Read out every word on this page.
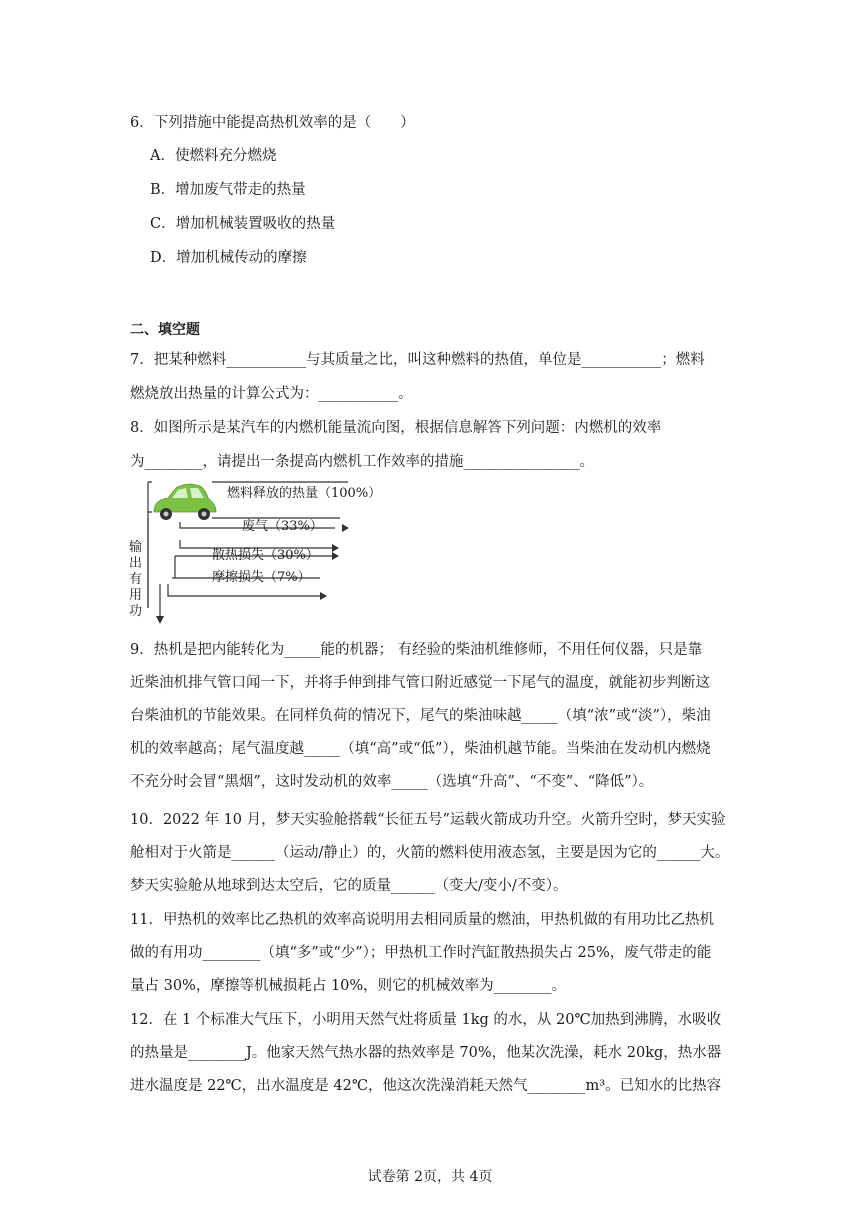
6．下列措施中能提高热机效率的是（　　）
A．使燃料充分燃烧
B．增加废气带走的热量
C．增加机械装置吸收的热量
D．增加机械传动的摩擦
二、填空题
7．把某种燃料___________与其质量之比，叫这种燃料的热值，单位是___________；燃料
燃烧放出热量的计算公式为：___________。
8．如图所示是某汽车的内燃机能量流向图，根据信息解答下列问题：内燃机的效率
为________，请提出一条提高内燃机工作效率的措施________________。
燃料释放的热量（100%）
废气（33%）
散热损失（30%）
摩擦损失（7%）
输
出
有
用
功
9．热机是把内能转化为_____能的机器； 有经验的柴油机维修师，不用任何仪器，只是靠
近柴油机排气管口闻一下，并将手伸到排气管口附近感觉一下尾气的温度，就能初步判断这
台柴油机的节能效果。在同样负荷的情况下，尾气的柴油味越_____（填“浓”或“淡”），柴油
机的效率越高；尾气温度越_____（填“高”或“低”），柴油机越节能。当柴油在发动机内燃烧
不充分时会冒“黑烟”，这时发动机的效率_____（选填“升高”、“不变”、“降低”）。
10．2022 年 10 月，梦天实验舱搭载“长征五号”运载火箭成功升空。火箭升空时，梦天实验
舱相对于火箭是______（运动/静止）的，火箭的燃料使用液态氢，主要是因为它的______大。
梦天实验舱从地球到达太空后，它的质量______（变大/变小/不变）。
11．甲热机的效率比乙热机的效率高说明用去相同质量的燃油，甲热机做的有用功比乙热机
做的有用功________（填“多”或“少”）；甲热机工作时汽缸散热损失占 25%，废气带走的能
量占 30%，摩擦等机械损耗占 10%，则它的机械效率为________。
12．在 1 个标准大气压下，小明用天然气灶将质量 1kg 的水，从 20℃加热到沸腾，水吸收
的热量是________J。他家天然气热水器的热效率是 70%，他某次洗澡，耗水 20kg，热水器
进水温度是 22℃，出水温度是 42℃，他这次洗澡消耗天然气________m³。已知水的比热容
试卷第 2页，共 4页
